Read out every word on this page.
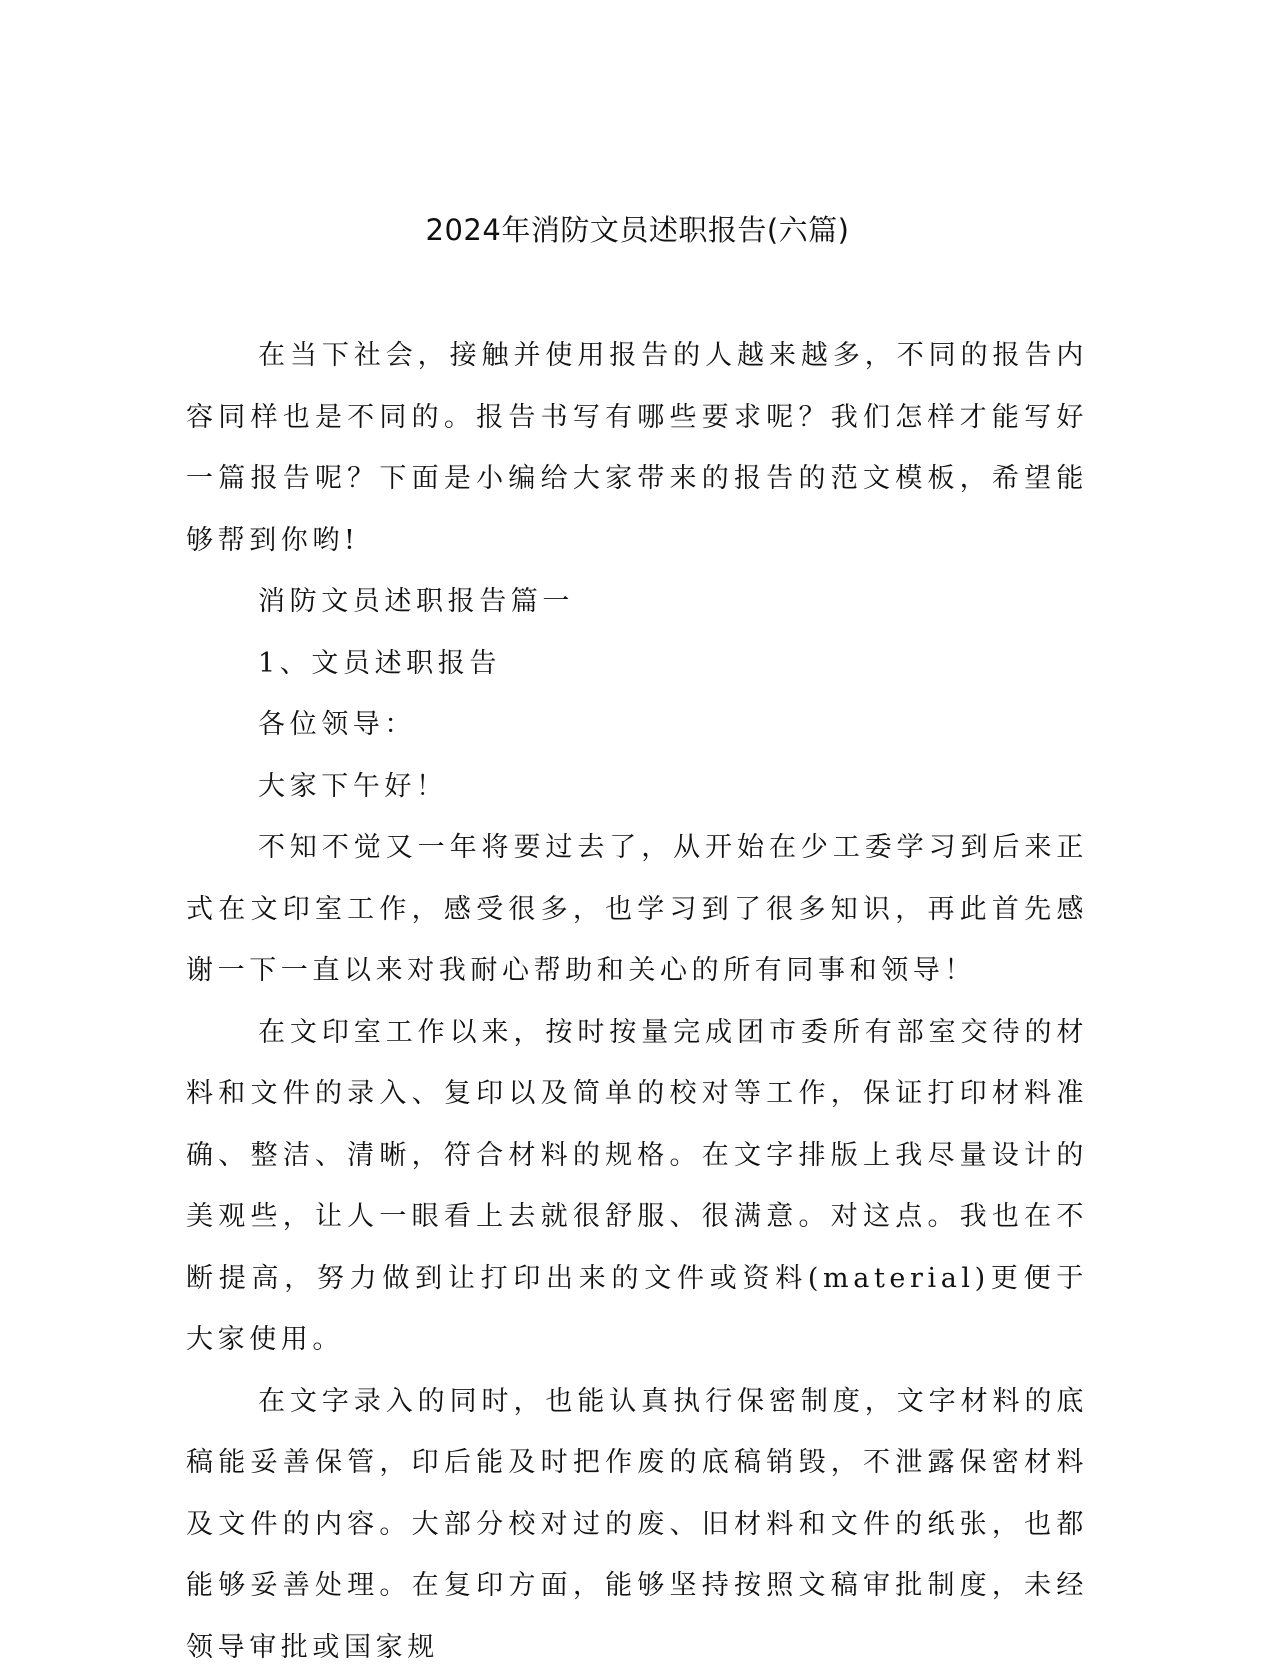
2024年消防文员述职报告(六篇)

在当下社会，接触并使用报告的人越来越多，不同的报告内容同样也是不同的。报告书写有哪些要求呢？我们怎样才能写好一篇报告呢？下面是小编给大家带来的报告的范文模板，希望能够帮到你哟!

消防文员述职报告篇一

1、文员述职报告

各位领导：

大家下午好！

不知不觉又一年将要过去了，从开始在少工委学习到后来正式在文印室工作，感受很多，也学习到了很多知识，再此首先感谢一下一直以来对我耐心帮助和关心的所有同事和领导！

在文印室工作以来，按时按量完成团市委所有部室交待的材料和文件的录入、复印以及简单的校对等工作，保证打印材料准确、整洁、清晰，符合材料的规格。在文字排版上我尽量设计的美观些，让人一眼看上去就很舒服、很满意。对这点。我也在不断提高，努力做到让打印出来的文件或资料(material)更便于大家使用。

在文字录入的同时，也能认真执行保密制度，文字材料的底稿能妥善保管，印后能及时把作废的底稿销毁，不泄露保密材料及文件的内容。大部分校对过的废、旧材料和文件的纸张，也都能够妥善处理。在复印方面，能够坚持按照文稿审批制度，未经领导审批或国家规
